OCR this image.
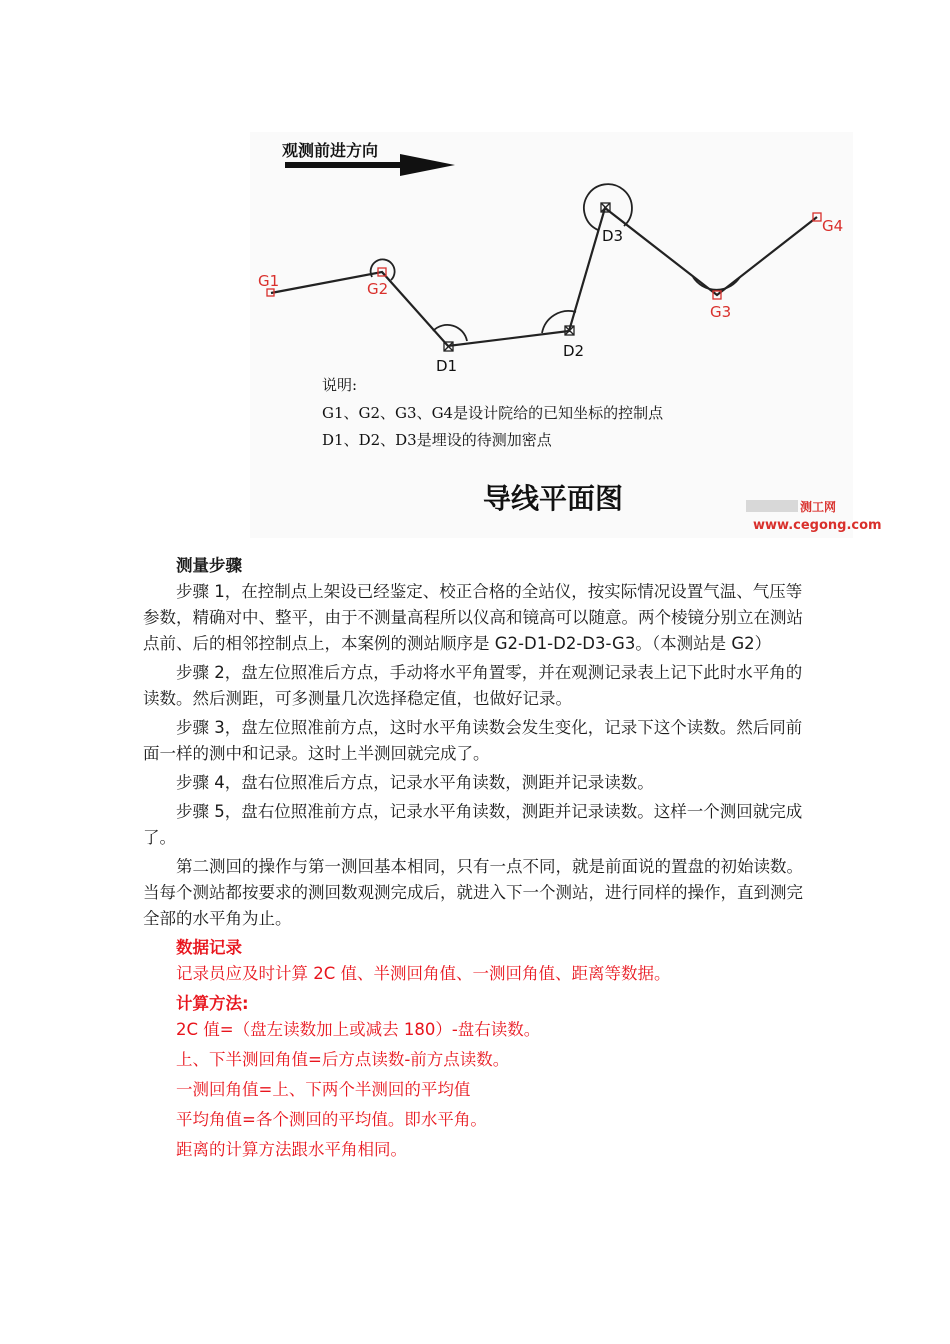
观测前进方向
G1	G2
G3
G4
D1
D2
D3
说明:
G1、G2、G3、G4是设计院给的已知坐标的控制点
D1、D2、D3是埋设的待测加密点
导线平面图	测工网
www.cegong.com

测量步骤

步骤 1，在控制点上架设已经鉴定、校正合格的全站仪，按实际情况设置气温、气压等参数，精确对中、整平，由于不测量高程所以仪高和镜高可以随意。两个棱镜分别立在测站点前、后的相邻控制点上，本案例的测站顺序是 G2-D1-D2-D3-G3。（本测站是 G2）

步骤 2，盘左位照准后方点，手动将水平角置零，并在观测记录表上记下此时水平角的读数。然后测距，可多测量几次选择稳定值，也做好记录。

步骤 3，盘左位照准前方点，这时水平角读数会发生变化，记录下这个读数。然后同前面一样的测中和记录。这时上半测回就完成了。

步骤 4，盘右位照准后方点，记录水平角读数，测距并记录读数。

步骤 5，盘右位照准前方点，记录水平角读数，测距并记录读数。这样一个测回就完成了。

第二测回的操作与第一测回基本相同，只有一点不同，就是前面说的置盘的初始读数。当每个测站都按要求的测回数观测完成后，就进入下一个测站，进行同样的操作，直到测完全部的水平角为止。

数据记录

记录员应及时计算 2C 值、半测回角值、一测回角值、距离等数据。

计算方法:

2C 值=（盘左读数加上或减去 180）-盘右读数。

上、下半测回角值=后方点读数-前方点读数。

一测回角值=上、下两个半测回的平均值

平均角值=各个测回的平均值。即水平角。

距离的计算方法跟水平角相同。
